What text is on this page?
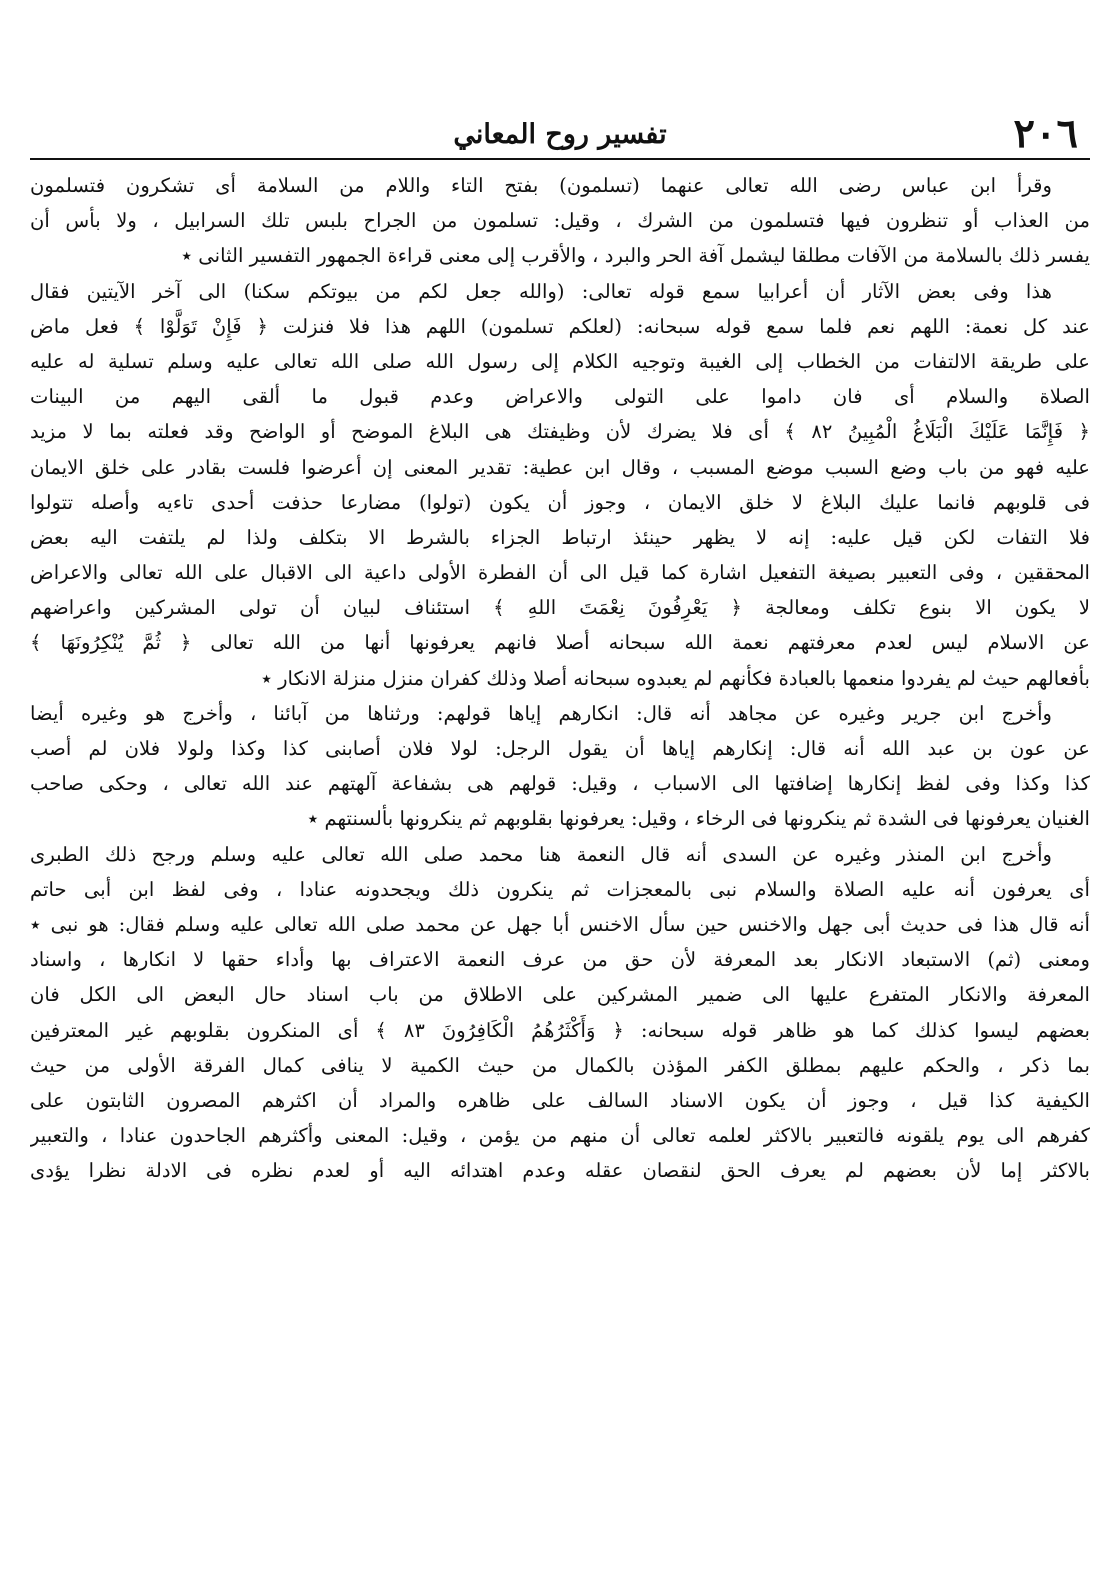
٢٠٦
تفسير روح المعاني
وقرأ ابن عباس رضى الله تعالى عنهما (تسلمون) بفتح التاء واللام من السلامة أى تشكرون فتسلمون
من العذاب أو تنظرون فيها فتسلمون من الشرك ، وقيل: تسلمون من الجراح بلبس تلك السرابيل ، ولا بأس أن
يفسر ذلك بالسلامة من الآفات مطلقا ليشمل آفة الحر والبرد ، والأقرب إلى معنى قراءة الجمهور التفسير الثانى ٭
هذا وفى بعض الآثار أن أعرابيا سمع قوله تعالى: (والله جعل لكم من بيوتكم سكنا) الى آخر الآيتين فقال
عند كل نعمة: اللهم نعم فلما سمع قوله سبحانه: (لعلكم تسلمون) اللهم هذا فلا فنزلت ﴿ فَإِنْ تَوَلَّوْا ﴾ فعل ماض
على طريقة الالتفات من الخطاب إلى الغيبة وتوجيه الكلام إلى رسول الله صلى الله تعالى عليه وسلم تسلية له عليه
الصلاة والسلام أى فان داموا على التولى والاعراض وعدم قبول ما ألقى اليهم من البينات
﴿ فَإِنَّمَا عَلَيْكَ الْبَلَاغُ الْمُبِينُ ٨٢ ﴾ أى فلا يضرك لأن وظيفتك هى البلاغ الموضح أو الواضح وقد فعلته بما لا مزيد
عليه فهو من باب وضع السبب موضع المسبب ، وقال ابن عطية: تقدير المعنى إن أعرضوا فلست بقادر على خلق الايمان
فى قلوبهم فانما عليك البلاغ لا خلق الايمان ، وجوز أن يكون (تولوا) مضارعا حذفت أحدى تاءيه وأصله تتولوا
فلا التفات لكن قيل عليه: إنه لا يظهر حينئذ ارتباط الجزاء بالشرط الا بتكلف ولذا لم يلتفت اليه بعض
المحققين ، وفى التعبير بصيغة التفعيل اشارة كما قيل الى أن الفطرة الأولى داعية الى الاقبال على الله تعالى والاعراض
لا يكون الا بنوع تكلف ومعالجة ﴿ يَعْرِفُونَ نِعْمَتَ اللهِ ﴾ استئناف لبيان أن تولى المشركين واعراضهم
عن الاسلام ليس لعدم معرفتهم نعمة الله سبحانه أصلا فانهم يعرفونها أنها من الله تعالى ﴿ ثُمَّ يُنْكِرُونَهَا ﴾
بأفعالهم حيث لم يفردوا منعمها بالعبادة فكأنهم لم يعبدوه سبحانه أصلا وذلك كفران منزل منزلة الانكار ٭
وأخرج ابن جرير وغيره عن مجاهد أنه قال: انكارهم إياها قولهم: ورثناها من آبائنا ، وأخرج هو وغيره أيضا
عن عون بن عبد الله أنه قال: إنكارهم إياها أن يقول الرجل: لولا فلان أصابنى كذا وكذا ولولا فلان لم أصب
كذا وكذا وفى لفظ إنكارها إضافتها الى الاسباب ، وقيل: قولهم هى بشفاعة آلهتهم عند الله تعالى ، وحكى صاحب
الغنيان يعرفونها فى الشدة ثم ينكرونها فى الرخاء ، وقيل: يعرفونها بقلوبهم ثم ينكرونها بألسنتهم ٭
وأخرج ابن المنذر وغيره عن السدى أنه قال النعمة هنا محمد صلى الله تعالى عليه وسلم ورجح ذلك الطبرى
أى يعرفون أنه عليه الصلاة والسلام نبى بالمعجزات ثم ينكرون ذلك ويجحدونه عنادا ، وفى لفظ ابن أبى حاتم
أنه قال هذا فى حديث أبى جهل والاخنس حين سأل الاخنس أبا جهل عن محمد صلى الله تعالى عليه وسلم فقال: هو نبى ٭
ومعنى (ثم) الاستبعاد الانكار بعد المعرفة لأن حق من عرف النعمة الاعتراف بها وأداء حقها لا انكارها ، واسناد
المعرفة والانكار المتفرع عليها الى ضمير المشركين على الاطلاق من باب اسناد حال البعض الى الكل فان
بعضهم ليسوا كذلك كما هو ظاهر قوله سبحانه: ﴿ وَأَكْثَرُهُمُ الْكَافِرُونَ ٨٣ ﴾ أى المنكرون بقلوبهم غير المعترفين
بما ذكر ، والحكم عليهم بمطلق الكفر المؤذن بالكمال من حيث الكمية لا ينافى كمال الفرقة الأولى من حيث
الكيفية كذا قيل ، وجوز أن يكون الاسناد السالف على ظاهره والمراد أن اكثرهم المصرون الثابتون على
كفرهم الى يوم يلقونه فالتعبير بالاكثر لعلمه تعالى أن منهم من يؤمن ، وقيل: المعنى وأكثرهم الجاحدون عنادا ، والتعبير
بالاكثر إما لأن بعضهم لم يعرف الحق لنقصان عقله وعدم اهتدائه اليه أو لعدم نظره فى الادلة نظرا يؤدى
